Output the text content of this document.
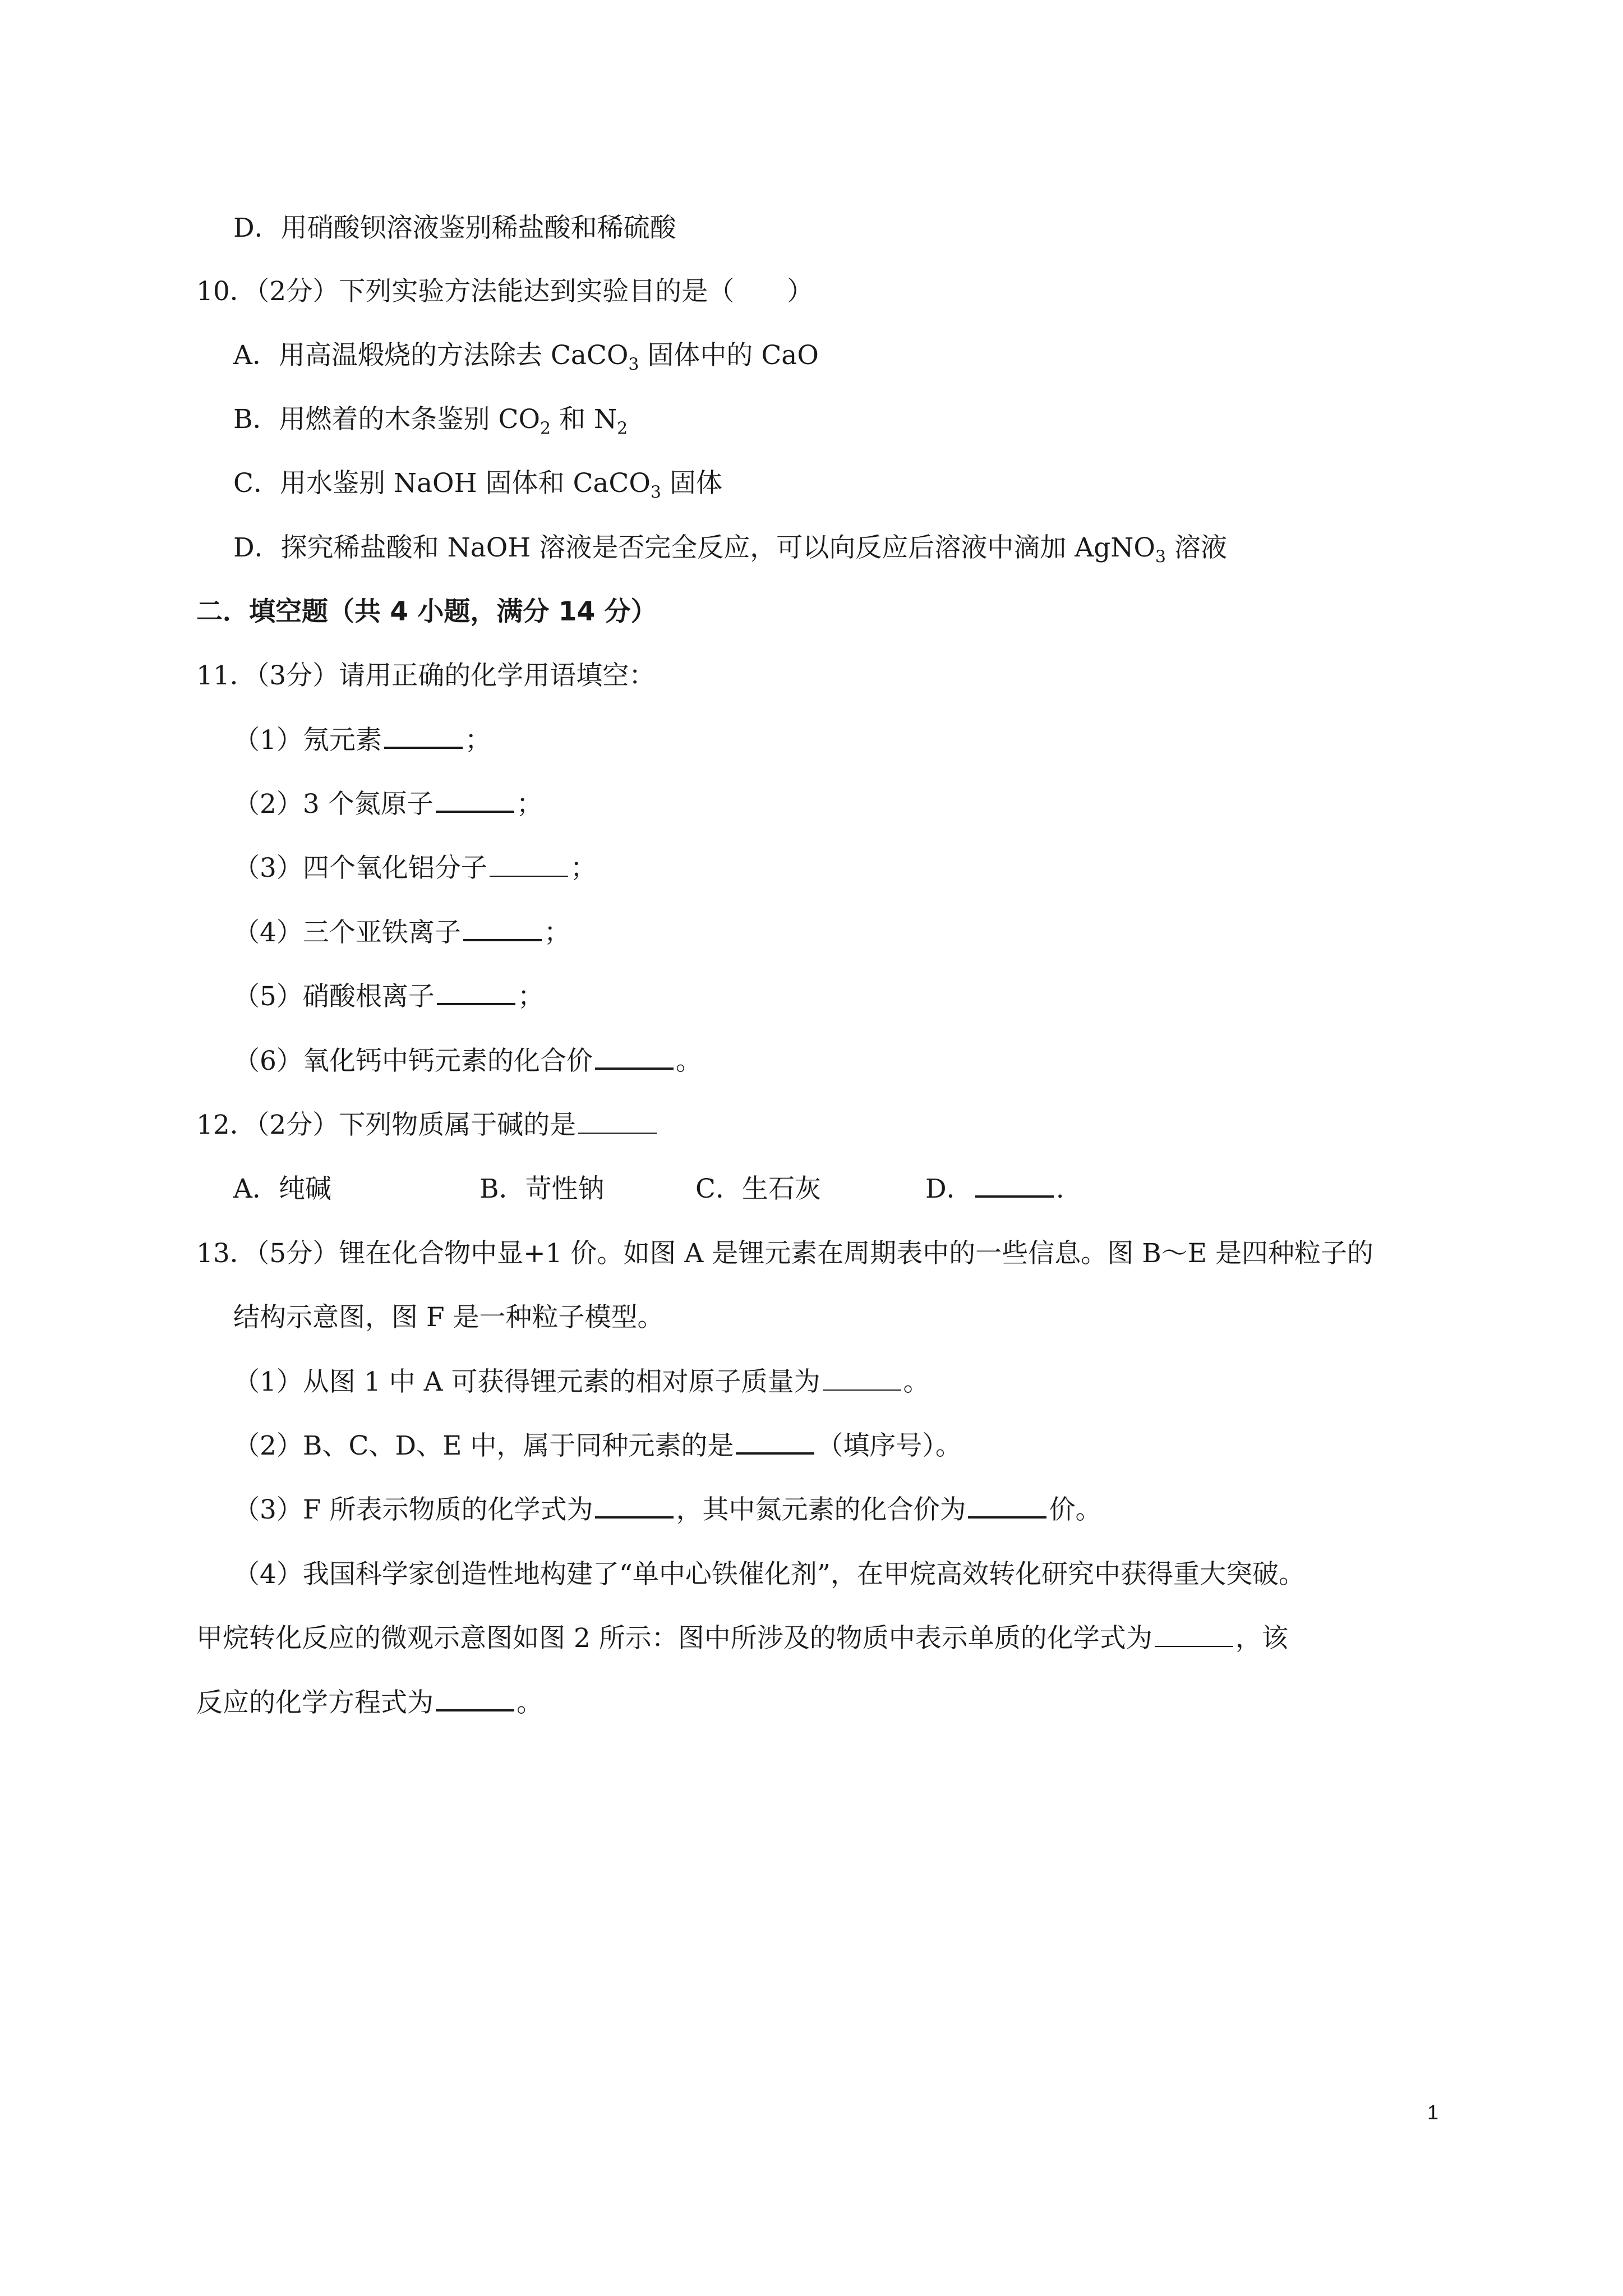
D．用硝酸钡溶液鉴别稀盐酸和稀硫酸
10．（2分）下列实验方法能达到实验目的是（　　）
A．用高温煅烧的方法除去 CaCO$_3$ 固体中的 CaO
B．用燃着的木条鉴别 $CO_2$ 和 $N_2$
C．用水鉴别 NaOH 固体和 CaCO$_3$ 固体
D．探究稀盐酸和 NaOH 溶液是否完全反应，可以向反应后溶液中滴加 AgNO$_3$ 溶液
二．填空题（共 4 小题，满分 14 分）
11．（3分）请用正确的化学用语填空：
（1）氖元素	；
（2）3 个氮原子	；
（3）四个氧化铝分子	；
（4）三个亚铁离子	；
（5）硝酸根离子	；
（6）氧化钙中钙元素的化合价	。
12．（2分）下列物质属于碱的是
A．纯碱	B．苛性钠	C．生石灰	D．	.
13．（5分）锂在化合物中显+1 价。如图 A 是锂元素在周期表中的一些信息。图 B～E 是四种粒子的
结构示意图，图 F 是一种粒子模型。
（1）从图 1 中 A 可获得锂元素的相对原子质量为	。
（2）B、C、D、E 中，属于同种元素的是	（填序号）。
（3）F 所表示物质的化学式为	，其中氮元素的化合价为	价。
（4）我国科学家创造性地构建了“单中心铁催化剂”，在甲烷高效转化研究中获得重大突破。
甲烷转化反应的微观示意图如图 2 所示：图中所涉及的物质中表示单质的化学式为	，该
反应的化学方程式为	。
1
